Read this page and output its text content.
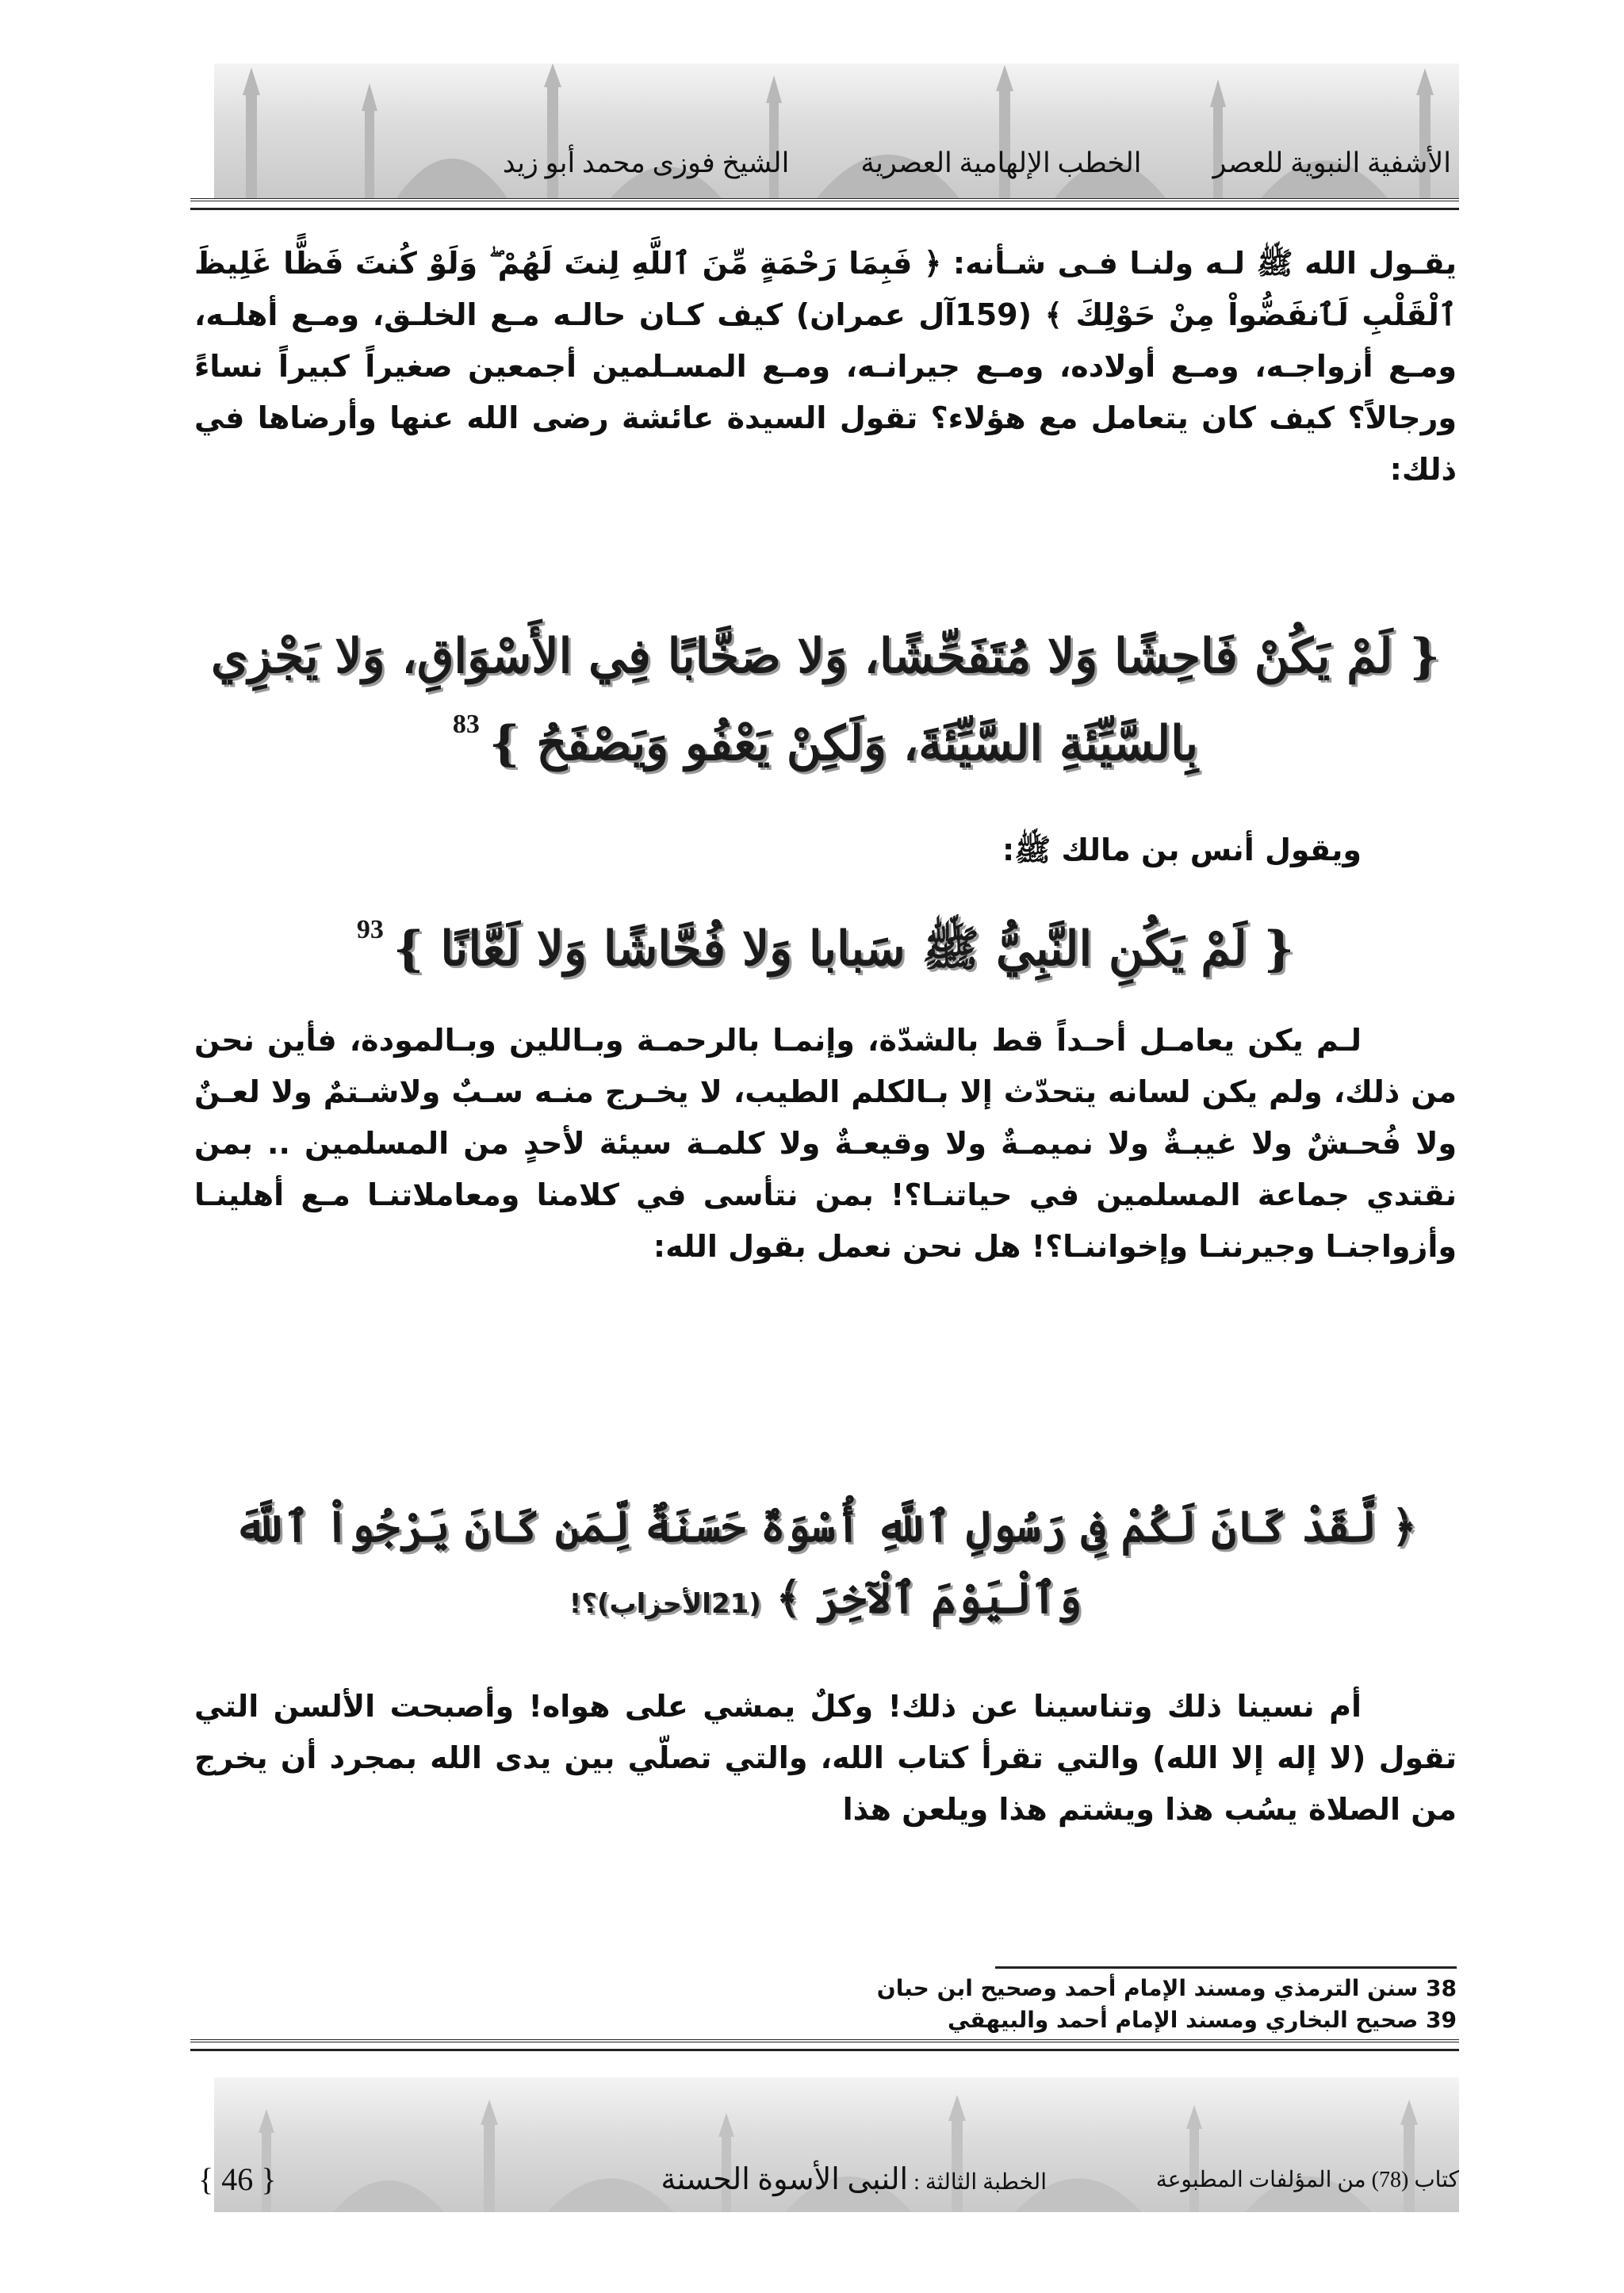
الأشفية النبوية للعصر
الخطب الإلهامية العصرية
الشيخ فوزى محمد أبو زيد
يقـول الله ﷺ لـه ولنـا فـى شـأنه: ﴿ فَبِمَا رَحْمَةٍ مِّنَ ٱللَّهِ لِنتَ لَهُمْ ۖ وَلَوْ كُنتَ فَظًّا غَلِيظَ ٱلْقَلْبِ لَٱنفَضُّواْ مِنْ حَوْلِكَ ﴾ (159آل عمران) كيف كـان حالـه مـع الخلـق، ومـع أهلـه، ومـع أزواجـه، ومـع أولاده، ومـع جيرانـه، ومـع المسـلمين أجمعين صغيراً كبيراً نساءً ورجالاً؟ كيف كان يتعامل مع هؤلاء؟ تقول السيدة عائشة رضى الله عنها وأرضاها في ذلك:
{ لَمْ يَكُنْ فَاحِشًا وَلا مُتَفَحِّشًا، وَلا صَخَّابًا فِي الأَسْوَاقِ، وَلا يَجْزِي بِالسَّيِّئَةِ السَّيِّئَةَ، وَلَكِنْ يَعْفُو وَيَصْفَحُ }$^{83}$
ويقول أنس بن مالك ﷺ:
{ لَمْ يَكُنِ النَّبِيُّ ﷺ سَبابا وَلا فُحَّاشًا وَلا لَعَّانًا }$^{93}$
لـم يكن يعامـل أحـداً قط بالشدّة، وإنمـا بالرحمـة وبـاللين وبـالمودة، فأين نحن من ذلك، ولم يكن لسانه يتحدّث إلا بـالكلم الطيب، لا يخـرج منـه سـبٌ ولاشـتمٌ ولا لعـنٌ ولا فُحـشٌ ولا غيبـةٌ ولا نميمـةٌ ولا وقيعـةٌ ولا كلمـة سيئة لأحدٍ من المسلمين .. بمن نقتدي جماعة المسلمين في حياتنـا؟! بمن نتأسى في كلامنا ومعاملاتنـا مـع أهلينـا وأزواجنـا وجيرننـا وإخواننـا؟! هل نحن نعمل بقول الله:
﴿ لَّقَدْ كَانَ لَكُمْ فِى رَسُولِ ٱللَّهِ أُسْوَةٌ حَسَنَةٌ لِّمَن كَانَ يَرْجُواْ ٱللَّهَ وَٱلْيَوْمَ ٱلْآخِرَ ﴾ (21الأحزاب)؟!
أم نسينا ذلك وتناسينا عن ذلك! وكلٌ يمشي على هواه! وأصبحت الألسن التي تقول (لا إله إلا الله) والتي تقرأ كتاب الله، والتي تصلّي بين يدى الله بمجرد أن يخرج من الصلاة يسُب هذا ويشتم هذا ويلعن هذا
38 سنن الترمذي ومسند الإمام أحمد وصحيح ابن حبان
39 صحيح البخاري ومسند الإمام أحمد والبيهقي
كتاب (78) من المؤلفات المطبوعة
الخطبة الثالثة : النبى الأسوة الحسنة
{ 46 }
